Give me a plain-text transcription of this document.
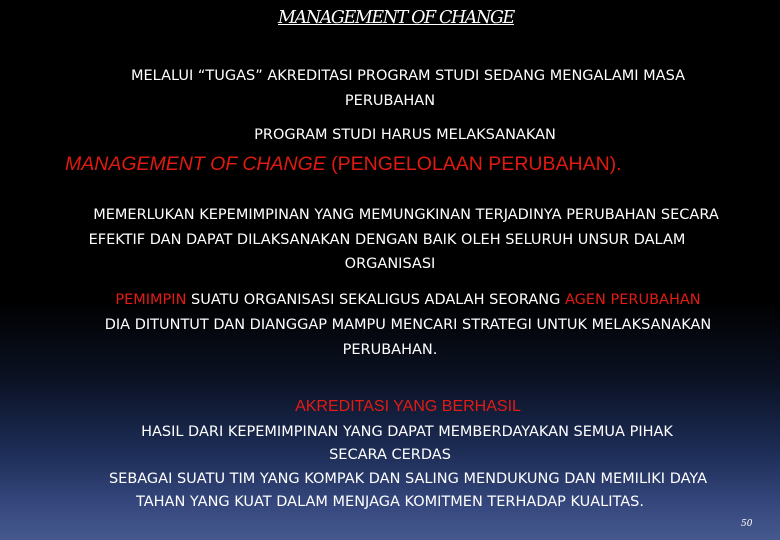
MANAGEMENT OF CHANGE
MELALUI “TUGAS” AKREDITASI PROGRAM STUDI SEDANG MENGALAMI MASA
PERUBAHAN
PROGRAM STUDI HARUS MELAKSANAKAN
MANAGEMENT OF CHANGE (PENGELOLAAN PERUBAHAN).
MEMERLUKAN KEPEMIMPINAN YANG MEMUNGKINAN TERJADINYA PERUBAHAN SECARA
EFEKTIF DAN DAPAT DILAKSANAKAN DENGAN BAIK OLEH SELURUH UNSUR DALAM
ORGANISASI
PEMIMPIN SUATU ORGANISASI SEKALIGUS ADALAH SEORANG AGEN PERUBAHAN
DIA DITUNTUT DAN DIANGGAP MAMPU MENCARI STRATEGI UNTUK MELAKSANAKAN
PERUBAHAN.
AKREDITASI YANG BERHASIL
HASIL DARI KEPEMIMPINAN YANG DAPAT MEMBERDAYAKAN SEMUA PIHAK
SECARA CERDAS
SEBAGAI SUATU TIM YANG KOMPAK DAN SALING MENDUKUNG DAN MEMILIKI DAYA
TAHAN YANG KUAT DALAM MENJAGA KOMITMEN TERHADAP KUALITAS.
50
